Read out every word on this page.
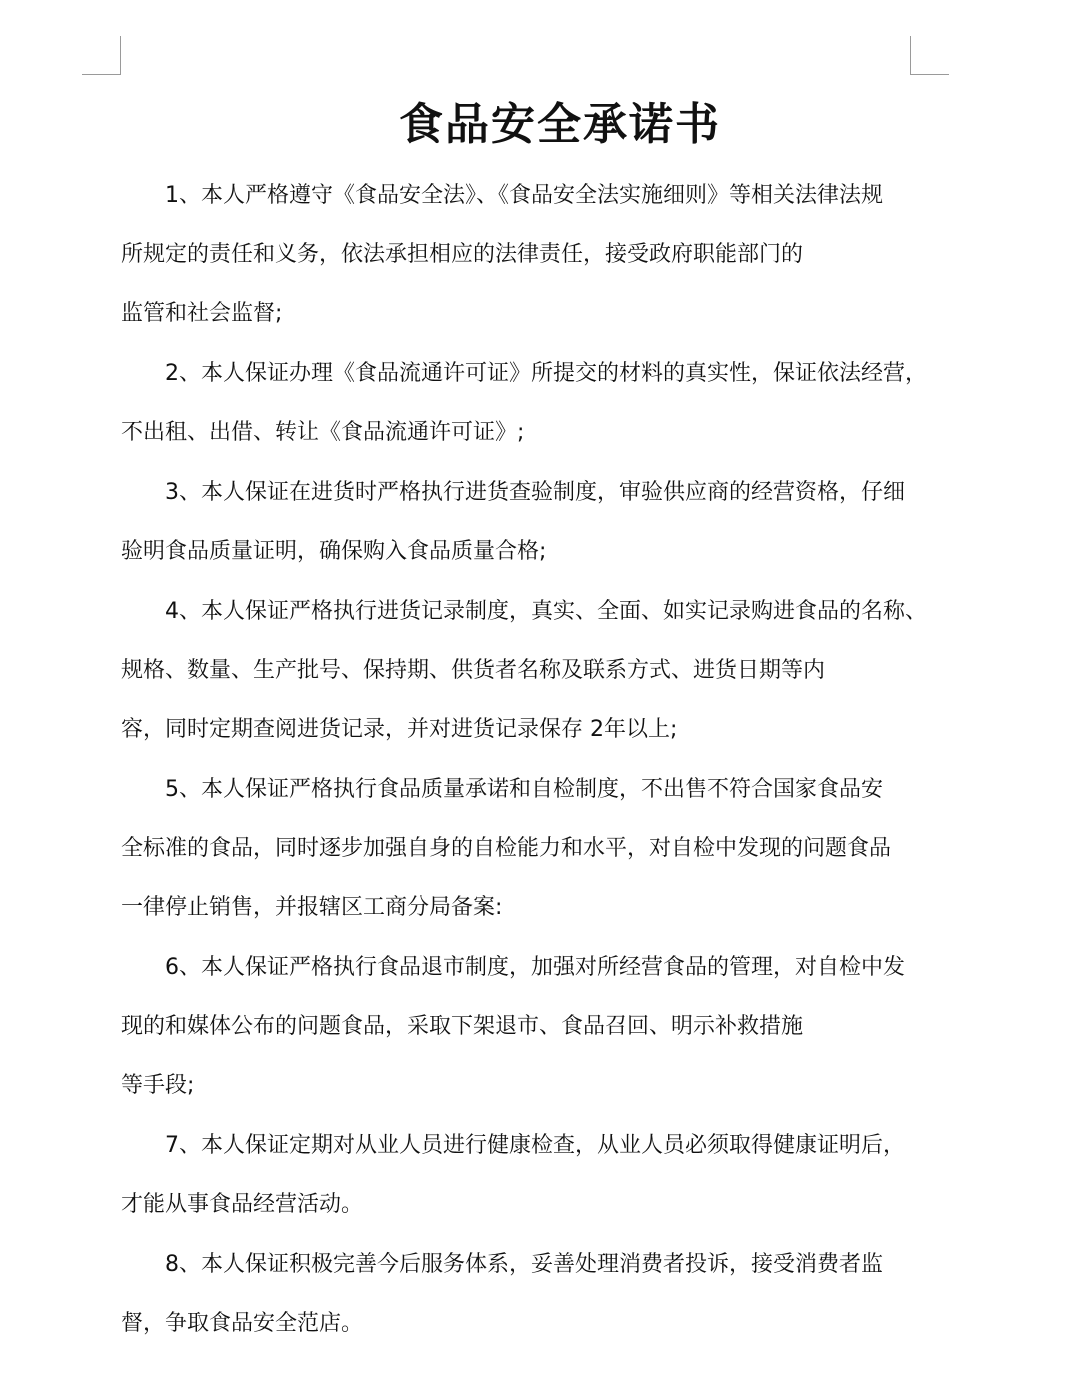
食品安全承诺书

1、本人严格遵守《食品安全法》、《食品安全法实施细则》等相关法律法规

所规定的责任和义务，依法承担相应的法律责任，接受政府职能部门的

监管和社会监督;

2、本人保证办理《食品流通许可证》所提交的材料的真实性，保证依法经营，

不出租、出借、转让《食品流通许可证》;

3、本人保证在进货时严格执行进货查验制度，审验供应商的经营资格，仔细

验明食品质量证明，确保购入食品质量合格;

4、本人保证严格执行进货记录制度，真实、全面、如实记录购进食品的名称、

规格、数量、生产批号、保持期、供货者名称及联系方式、进货日期等内

容，同时定期查阅进货记录，并对进货记录保存 2年以上;

5、本人保证严格执行食品质量承诺和自检制度，不出售不符合国家食品安

全标准的食品，同时逐步加强自身的自检能力和水平，对自检中发现的问题食品

一律停止销售，并报辖区工商分局备案:

6、本人保证严格执行食品退市制度，加强对所经营食品的管理，对自检中发

现的和媒体公布的问题食品，采取下架退市、食品召回、明示补救措施

等手段;

7、本人保证定期对从业人员进行健康检查，从业人员必须取得健康证明后，

才能从事食品经营活动。

8、本人保证积极完善今后服务体系，妥善处理消费者投诉，接受消费者监

督，争取食品安全范店。
